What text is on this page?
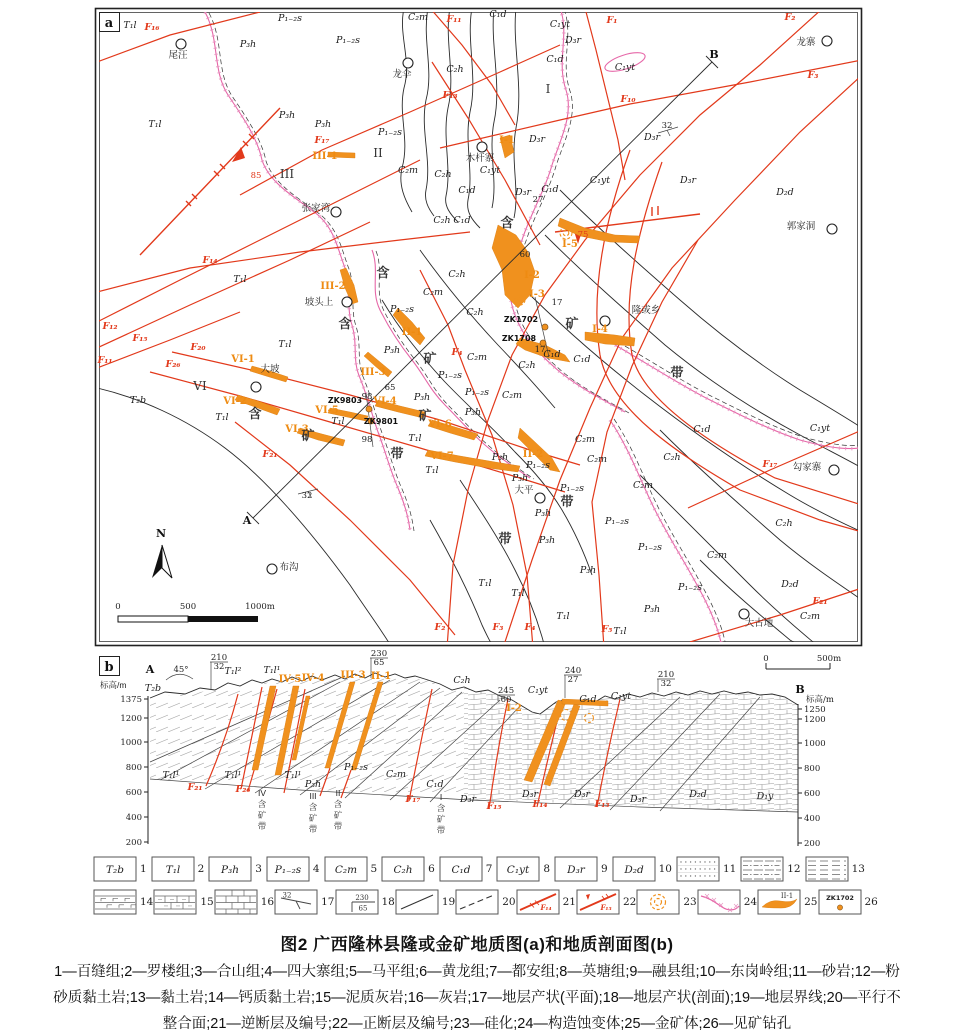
尾汪
龙伞
龙寨
木杆寨
张家湾
郭家洞
坡头上
大坡
隆或乡
勾家寨
大平
布沟
大古地
ZK1702
ZK1708
ZK9803
ZK9801
a T₁l
P₁₋₂s
P₁₋₂s
P₃h
P₃h
P₃h
T₁l
P₁₋₂s
C₂m	C₁d
C₁yt
D₃r
C₁d
C₁yt
C₂h
D₃r
D₃r
C₂m C₂h	C₁yt
C₁d	D₃r C₁d
C₁yt	D₃r
D₂d
C₂h C₁d
T₁l
T₁l
P₁₋₂s
C₂h
C₂m
C₂h
P₃h
C₂m
C₂h
P₁₋₂s
P₁₋₂s C₂m
P₃h
P₃h
T₁l
T₂b
T₁l
T₁l
C₁d C₁d
C₂m
C₂m	C₂h
P₃h
P₁₋₂s
T₁l
P₃h
P₁₋₂s	C₂m
P₃h
P₁₋₂s
P₃h
P₁₋₂s
C₂m
P₃h
T₁l
T₁l
P₁₋₂s
P₃h
T₁l
T₁l
C₁d	C₁yt
C₂h
C₂m
D₂d
F₁₆
F₁₁	F₁	F₂
F₃
F₁₃	F₁₀
F₁₇
F₁₄
F₁₂
F₁₅
F₁₁
F₂₀
F₂₆
F₄
F₂₁
F₂	F₃ F₄	F₅
F₁₇
F₂₁
I-1
I-2
I-3
I-4
I-5
II-1
II-2
III-1
III-2
III-3
VI-1
VI-2
VI-3
VI-4
VI-5
VI-6
VI-7
32
27
17
17
60
65
98
98
32
75
85
含
含
含
矿
含
矿
带
矿
矿
带
带
带
I
II
III
VI
A
B
N
0	500	1000m
b	A
B
45°
标高/m
1375
1200
1000
800
600
400
200
标高/m
1250
1200
1000
800
600
400
200
210
32
230
65
245
60
240
27	210
32
T₂b
T₁l² T₁l¹
IV-5 IV-4 III-3 II-1	C₂h
I-2
C₁yt
C₁d C₁yt
T₁l¹	T₁l¹	T₁l¹
P₃h
P₁₋₂s
C₂m
C₁d
D₃r	D₃r	D₃r	D₃r	D₂d	D₁y
F₂₁	F₂₆
F₁₇
F₁₅	F₁₄	F₁₃
IV
含
矿
带
III
含
矿
带
II
含
矿
带
I
含
矿
带
0	500m
T₂b 1 T₁l 2 P₃h 3 P₁₋₂s 4 C₂m 5 C₂h 6 C₁d 7 C₁yt 8 D₃r 9 D₂d 10	11	12	13
14	15	16
32
17	230
65
18	19	20	F₁₄ 21	F₁₃ 22	23	24	II-1 25 ZK1702 26
图2 广西隆林县隆或金矿地质图(a)和地质剖面图(b)
1—百缝组;2—罗楼组;3—合山组;4—四大寨组;5—马平组;6—黄龙组;7—都安组;8—英塘组;9—融县组;10—东岗岭组;11—砂岩;12—粉
砂质黏土岩;13—黏土岩;14—钙质黏土岩;15—泥质灰岩;16—灰岩;17—地层产状(平面);18—地层产状(剖面);19—地层界线;20—平行不
整合面;21—逆断层及编号;22—正断层及编号;23—硅化;24—构造蚀变体;25—金矿体;26—见矿钻孔
